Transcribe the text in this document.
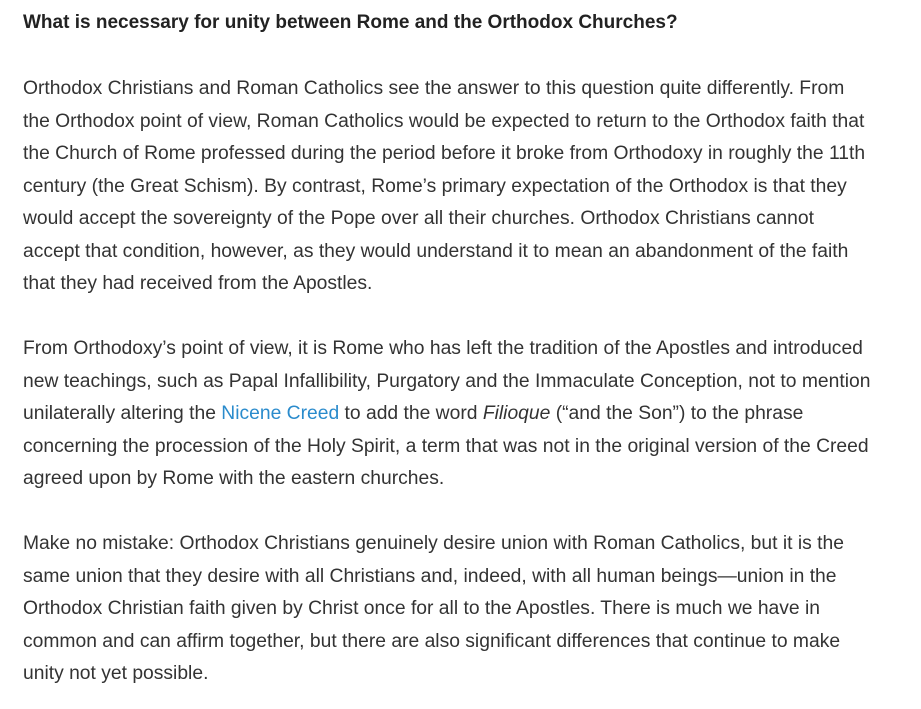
What is necessary for unity between Rome and the Orthodox Churches?

Orthodox Christians and Roman Catholics see the answer to this question quite differently. From the Orthodox point of view, Roman Catholics would be expected to return to the Orthodox faith that the Church of Rome professed during the period before it broke from Orthodoxy in roughly the 11th century (the Great Schism). By contrast, Rome’s primary expectation of the Orthodox is that they would accept the sovereignty of the Pope over all their churches. Orthodox Christians cannot accept that condition, however, as they would understand it to mean an abandonment of the faith that they had received from the Apostles.

From Orthodoxy’s point of view, it is Rome who has left the tradition of the Apostles and introduced new teachings, such as Papal Infallibility, Purgatory and the Immaculate Conception, not to mention unilaterally altering the Nicene Creed to add the word Filioque (“and the Son”) to the phrase concerning the procession of the Holy Spirit, a term that was not in the original version of the Creed agreed upon by Rome with the eastern churches.

Make no mistake: Orthodox Christians genuinely desire union with Roman Catholics, but it is the same union that they desire with all Christians and, indeed, with all human beings—union in the Orthodox Christian faith given by Christ once for all to the Apostles. There is much we have in common and can affirm together, but there are also significant differences that continue to make unity not yet possible.
